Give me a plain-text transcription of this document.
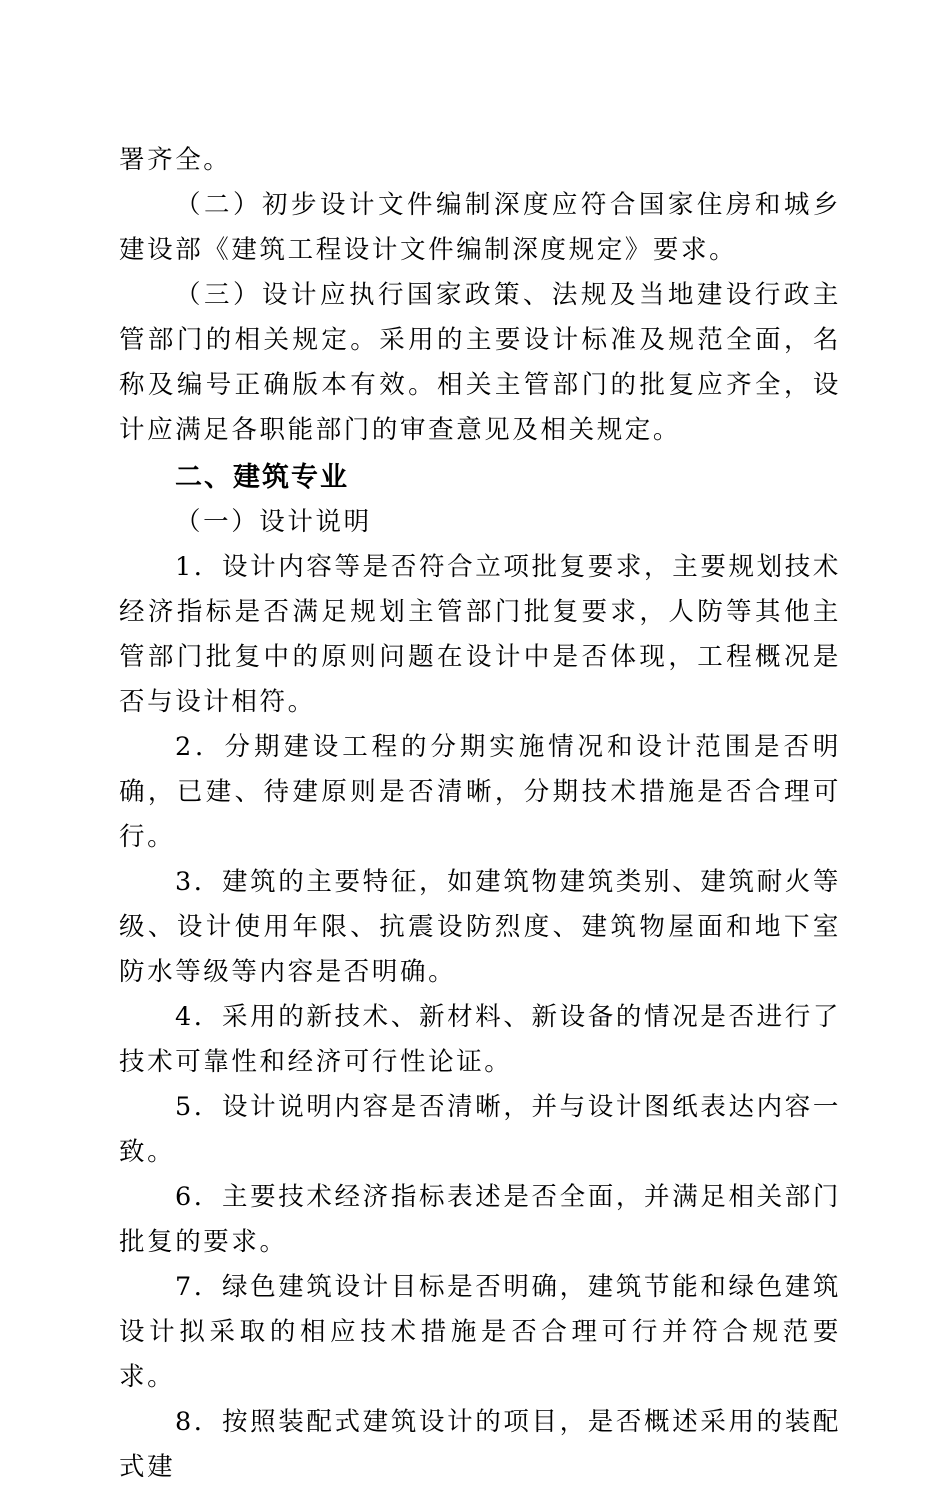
署齐全。

（二）初步设计文件编制深度应符合国家住房和城乡建设部《建筑工程设计文件编制深度规定》要求。

（三）设计应执行国家政策、法规及当地建设行政主管部门的相关规定。采用的主要设计标准及规范全面，名称及编号正确版本有效。相关主管部门的批复应齐全，设计应满足各职能部门的审查意见及相关规定。

二、建筑专业

（一）设计说明

1．设计内容等是否符合立项批复要求，主要规划技术经济指标是否满足规划主管部门批复要求，人防等其他主管部门批复中的原则问题在设计中是否体现，工程概况是否与设计相符。

2．分期建设工程的分期实施情况和设计范围是否明确，已建、待建原则是否清晰，分期技术措施是否合理可行。

3．建筑的主要特征，如建筑物建筑类别、建筑耐火等级、设计使用年限、抗震设防烈度、建筑物屋面和地下室防水等级等内容是否明确。

4．采用的新技术、新材料、新设备的情况是否进行了技术可靠性和经济可行性论证。

5．设计说明内容是否清晰，并与设计图纸表达内容一致。

6．主要技术经济指标表述是否全面，并满足相关部门批复的要求。

7．绿色建筑设计目标是否明确，建筑节能和绿色建筑设计拟采取的相应技术措施是否合理可行并符合规范要求。

8．按照装配式建筑设计的项目，是否概述采用的装配式建
